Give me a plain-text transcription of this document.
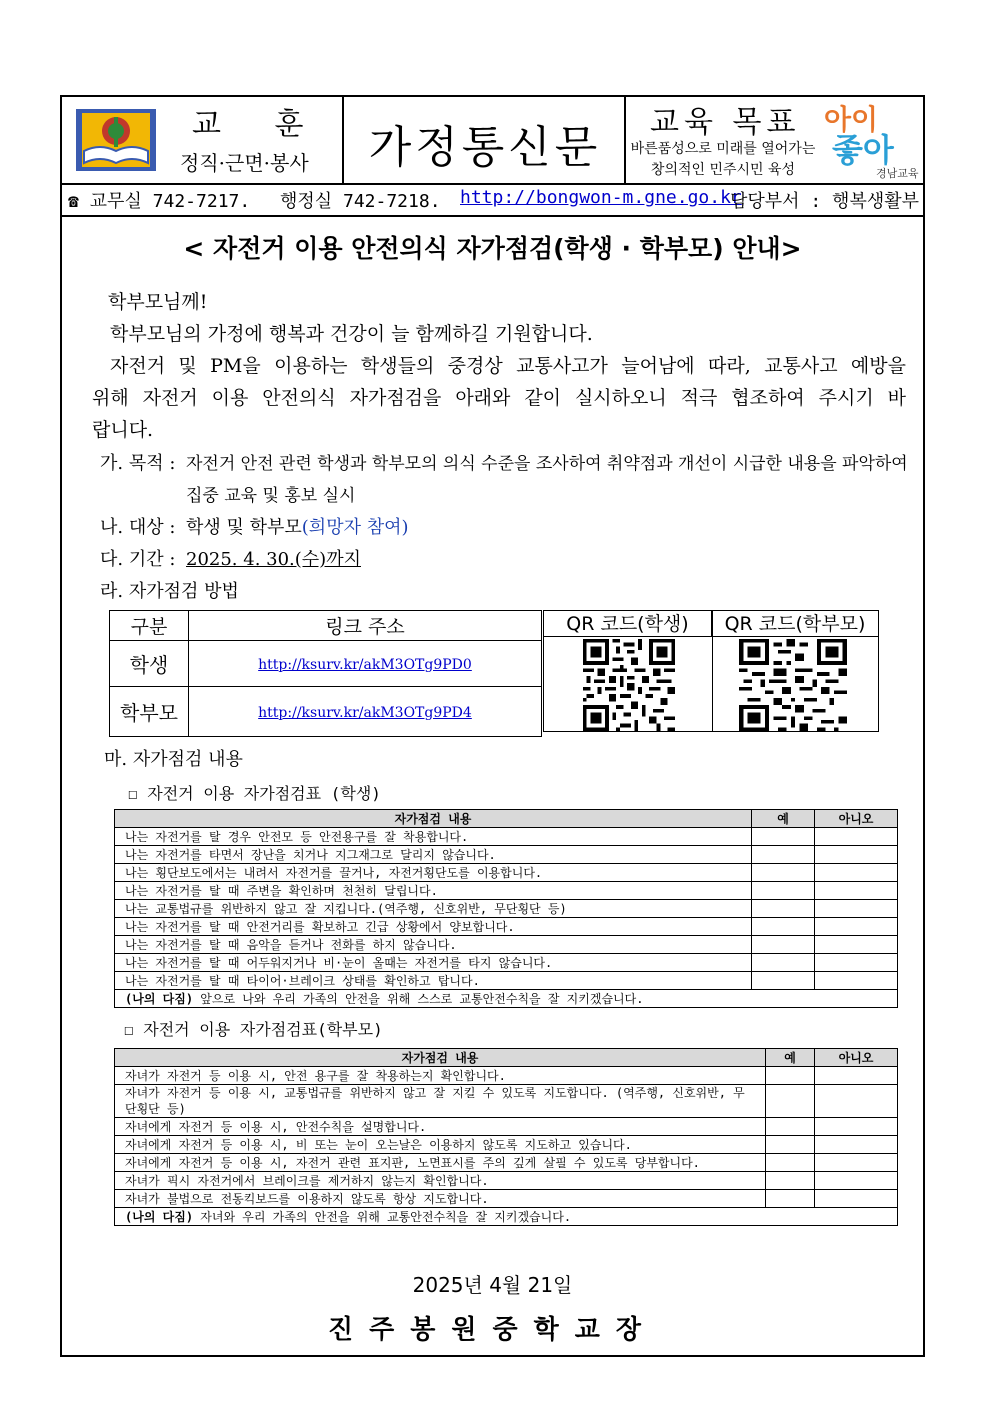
교 훈
정직·근면·봉사	가정통신문	교육 목표
바른품성으로 미래를 열어가는
창의적인 민주시민 육성
아이
좋아
경남교육
☎ 교무실 742-7217. 행정실 742-7218. http://bongwon-m.gne.go.kr
담당부서 : 행복생활부
< 자전거 이용 안전의식 자가점검(학생 · 학부모) 안내>
학부모님께!
학부모님의 가정에 행복과 건강이 늘 함께하길 기원합니다.
자전거 및 PM을 이용하는 학생들의 중경상 교통사고가 늘어남에 따라, 교통사고 예방을
위해 자전거 이용 안전의식 자가점검을 아래와 같이 실시하오니 적극 협조하여 주시기 바
랍니다.
가. 목적 : 자전거 안전 관련 학생과 학부모의 의식 수준을 조사하여 취약점과 개선이 시급한 내용을 파악하여
집중 교육 및 홍보 실시
나. 대상 : 학생 및 학부모(희망자 참여)
다. 기간 : 2025. 4. 30.(수)까지
라. 자가점검 방법
구분	링크 주소
학생	http://ksurv.kr/akM3OTg9PD0
학부모	http://ksurv.kr/akM3OTg9PD4
QR 코드(학생)	QR 코드(학부모)
마. 자가점검 내용
☐ 자전거 이용 자가점검표 (학생)
자가점검 내용	예	아니오
나는 자전거를 탈 경우 안전모 등 안전용구를 잘 착용합니다.		
나는 자전거를 타면서 장난을 치거나 지그재그로 달리지 않습니다.		
나는 횡단보도에서는 내려서 자전거를 끌거나, 자전거횡단도를 이용합니다.		
나는 자전거를 탈 때 주변을 확인하며 천천히 달립니다.		
나는 교통법규를 위반하지 않고 잘 지킵니다.(역주행, 신호위반, 무단횡단 등)		
나는 자전거를 탈 때 안전거리를 확보하고 긴급 상황에서 양보합니다.		
나는 자전거를 탈 때 음악을 듣거나 전화를 하지 않습니다.		
나는 자전거를 탈 때 어두워지거나 비·눈이 올때는 자전거를 타지 않습니다.		
나는 자전거를 탈 때 타이어·브레이크 상태를 확인하고 탑니다.		
(나의 다짐) 앞으로 나와 우리 가족의 안전을 위해 스스로 교통안전수칙을 잘 지키겠습니다.		
☐ 자전거 이용 자가점검표(학부모)
자가점검 내용	예	아니오
자녀가 자전거 등 이용 시, 안전 용구를 잘 착용하는지 확인합니다.		
자녀가 자전거 등 이용 시, 교통법규를 위반하지 않고 잘 지킬 수 있도록 지도합니다. (역주행, 신호위반, 무단횡단 등)		
자녀에게 자전거 등 이용 시, 안전수칙을 설명합니다.		
자녀에게 자전거 등 이용 시, 비 또는 눈이 오는날은 이용하지 않도록 지도하고 있습니다.		
자녀에게 자전거 등 이용 시, 자전거 관련 표지판, 노면표시를 주의 깊게 살필 수 있도록 당부합니다.		
자녀가 픽시 자전거에서 브레이크를 제거하지 않는지 확인합니다.		
자녀가 불법으로 전동킥보드를 이용하지 않도록 항상 지도합니다.		
(나의 다짐) 자녀와 우리 가족의 안전을 위해 교통안전수칙을 잘 지키겠습니다.		
2025년 4월 21일
진주봉원중학교장
